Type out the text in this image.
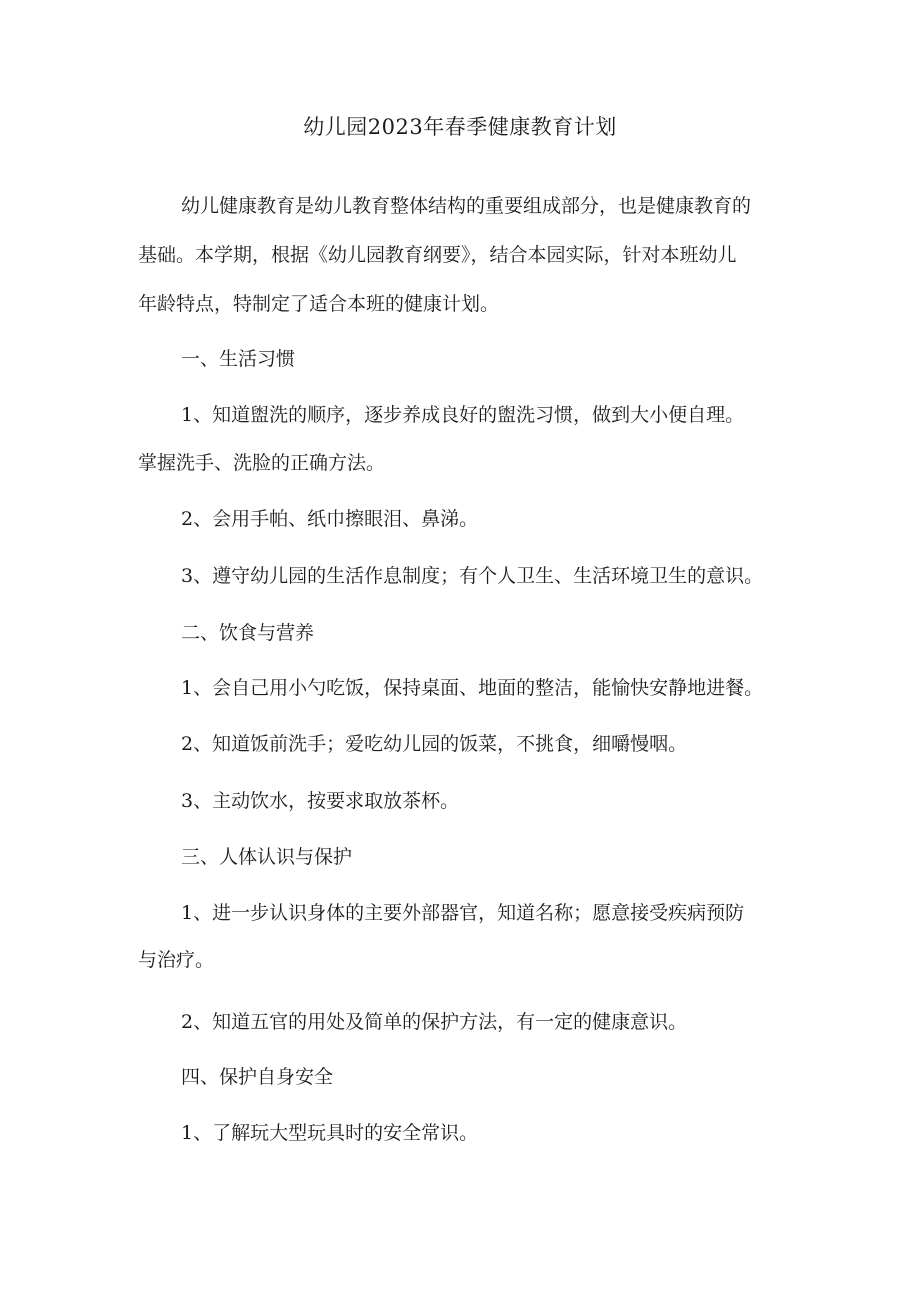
幼儿园2023年春季健康教育计划
幼儿健康教育是幼儿教育整体结构的重要组成部分，也是健康教育的
基础。本学期，根据《幼儿园教育纲要》，结合本园实际，针对本班幼儿
年龄特点，特制定了适合本班的健康计划。
一、生活习惯
1、知道盥洗的顺序，逐步养成良好的盥洗习惯，做到大小便自理。
掌握洗手、洗脸的正确方法。
2、会用手帕、纸巾擦眼泪、鼻涕。
3、遵守幼儿园的生活作息制度；有个人卫生、生活环境卫生的意识。
二、饮食与营养
1、会自己用小勺吃饭，保持桌面、地面的整洁，能愉快安静地进餐。
2、知道饭前洗手；爱吃幼儿园的饭菜，不挑食，细嚼慢咽。
3、主动饮水，按要求取放茶杯。
三、人体认识与保护
1、进一步认识身体的主要外部器官，知道名称；愿意接受疾病预防
与治疗。
2、知道五官的用处及简单的保护方法，有一定的健康意识。
四、保护自身安全
1、了解玩大型玩具时的安全常识。
